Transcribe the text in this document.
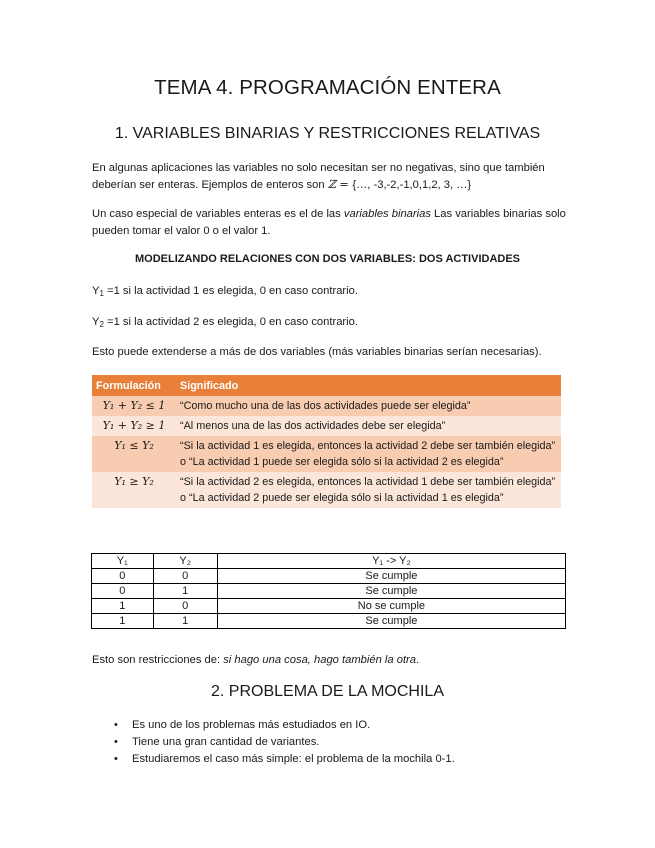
TEMA 4. PROGRAMACIÓN ENTERA
1. VARIABLES BINARIAS Y RESTRICCIONES RELATIVAS
En algunas aplicaciones las variables no solo necesitan ser no negativas, sino que también deberían ser enteras. Ejemplos de enteros son ℤ = {…, -3,-2,-1,0,1,2, 3, …}
Un caso especial de variables enteras es el de las variables binarias Las variables binarias solo pueden tomar el valor 0 o el valor 1.
MODELIZANDO RELACIONES CON DOS VARIABLES: DOS ACTIVIDADES
$Y_1 =1$ si la actividad 1 es elegida, 0 en caso contrario.
$Y_2 =1$ si la actividad 2 es elegida, 0 en caso contrario.
Esto puede extenderse a más de dos variables (más variables binarias serían necesarias).
Formulación	Significado
Y₁ + Y₂ ≤ 1	“Como mucho una de las dos actividades puede ser elegida”
Y₁ + Y₂ ≥ 1	“Al menos una de las dos actividades debe ser elegida”
Y₁ ≤ Y₂	“Si la actividad 1 es elegida, entonces la actividad 2 debe ser también elegida” o “La actividad 1 puede ser elegida sólo si la actividad 2 es elegida”
Y₁ ≥ Y₂	“Si la actividad 2 es elegida, entonces la actividad 1 debe ser también elegida” o “La actividad 2 puede ser elegida sólo si la actividad 1 es elegida”
Y₁	Y₂	Y₁ -> Y₂
0	0	Se cumple
0	1	Se cumple
1	0	No se cumple
1	1	Se cumple
Esto son restricciones de: si hago una cosa, hago también la otra.
2. PROBLEMA DE LA MOCHILA
• Es uno de los problemas más estudiados en IO.
• Tiene una gran cantidad de variantes.
• Estudiaremos el caso más simple: el problema de la mochila 0-1.
